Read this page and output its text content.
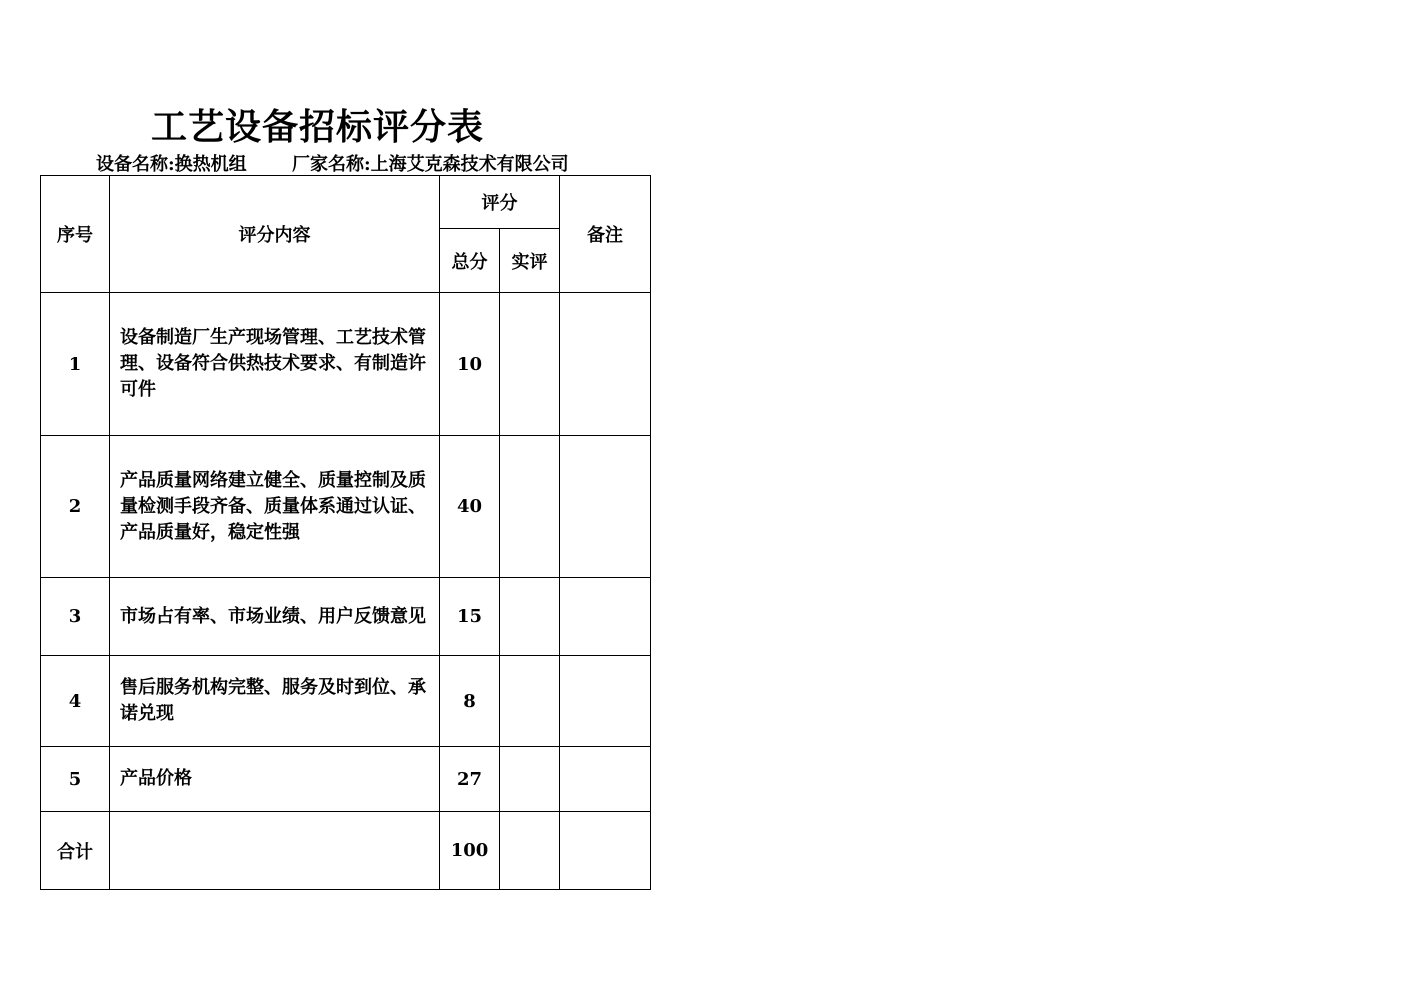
工艺设备招标评分表
设备名称:换热机组	厂家名称:上海艾克森技术有限公司
序号	评分内容	评分		备注
		总分	实评	
1	设备制造厂生产现场管理、工艺技术管理、设备符合供热技术要求、有制造许可件	10		
2	产品质量网络建立健全、质量控制及质量检测手段齐备、质量体系通过认证、产品质量好，稳定性强	40		
3	市场占有率、市场业绩、用户反馈意见	15		
4	售后服务机构完整、服务及时到位、承诺兑现	8		
5	产品价格	27		
合计		100		
